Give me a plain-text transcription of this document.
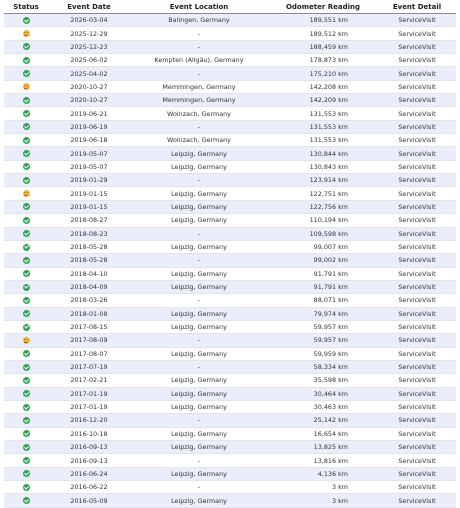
Status	Event Date	Event Location	Odometer Reading	Event Detail
	2026-03-04	Balingen, Germany	189,551 km	ServiceVisit
	2025-12-29	-	189,512 km	ServiceVisit
	2025-12-23	-	188,459 km	ServiceVisit
	2025-06-02	Kempten (Allgäu), Germany	178,873 km	ServiceVisit
	2025-04-02	-	175,210 km	ServiceVisit
	2020-10-27	Memmingen, Germany	142,208 km	ServiceVisit
	2020-10-27	Memmingen, Germany	142,209 km	ServiceVisit
	2019-06-21	Wolnzach, Germany	131,553 km	ServiceVisit
	2019-06-19	-	131,553 km	ServiceVisit
	2019-06-18	Wolnzach, Germany	131,553 km	ServiceVisit
	2019-05-07	Leipzig, Germany	130,844 km	ServiceVisit
	2019-05-07	Leipzig, Germany	130,843 km	ServiceVisit
	2019-01-29	-	123,914 km	ServiceVisit
	2019-01-15	Leipzig, Germany	122,751 km	ServiceVisit
	2019-01-15	Leipzig, Germany	122,756 km	ServiceVisit
	2018-08-27	Leipzig, Germany	110,194 km	ServiceVisit
	2018-08-23	-	109,598 km	ServiceVisit
	2018-05-28	Leipzig, Germany	99,007 km	ServiceVisit
	2018-05-28	-	99,002 km	ServiceVisit
	2018-04-10	Leipzig, Germany	91,791 km	ServiceVisit
	2018-04-09	Leipzig, Germany	91,791 km	ServiceVisit
	2018-03-26	-	88,071 km	ServiceVisit
	2018-01-08	Leipzig, Germany	79,974 km	ServiceVisit
	2017-08-15	Leipzig, Germany	59,957 km	ServiceVisit
	2017-08-09	-	59,957 km	ServiceVisit
	2017-08-07	Leipzig, Germany	59,959 km	ServiceVisit
	2017-07-19	-	58,334 km	ServiceVisit
	2017-02-21	Leipzig, Germany	35,598 km	ServiceVisit
	2017-01-19	Leipzig, Germany	30,464 km	ServiceVisit
	2017-01-19	Leipzig, Germany	30,463 km	ServiceVisit
	2016-12-20	-	25,142 km	ServiceVisit
	2016-10-18	Leipzig, Germany	16,654 km	ServiceVisit
	2016-09-13	Leipzig, Germany	13,825 km	ServiceVisit
	2016-09-13	-	13,816 km	ServiceVisit
	2016-06-24	Leipzig, Germany	4,136 km	ServiceVisit
	2016-06-22	-	3 km	ServiceVisit
	2016-05-09	Leipzig, Germany	3 km	ServiceVisit
